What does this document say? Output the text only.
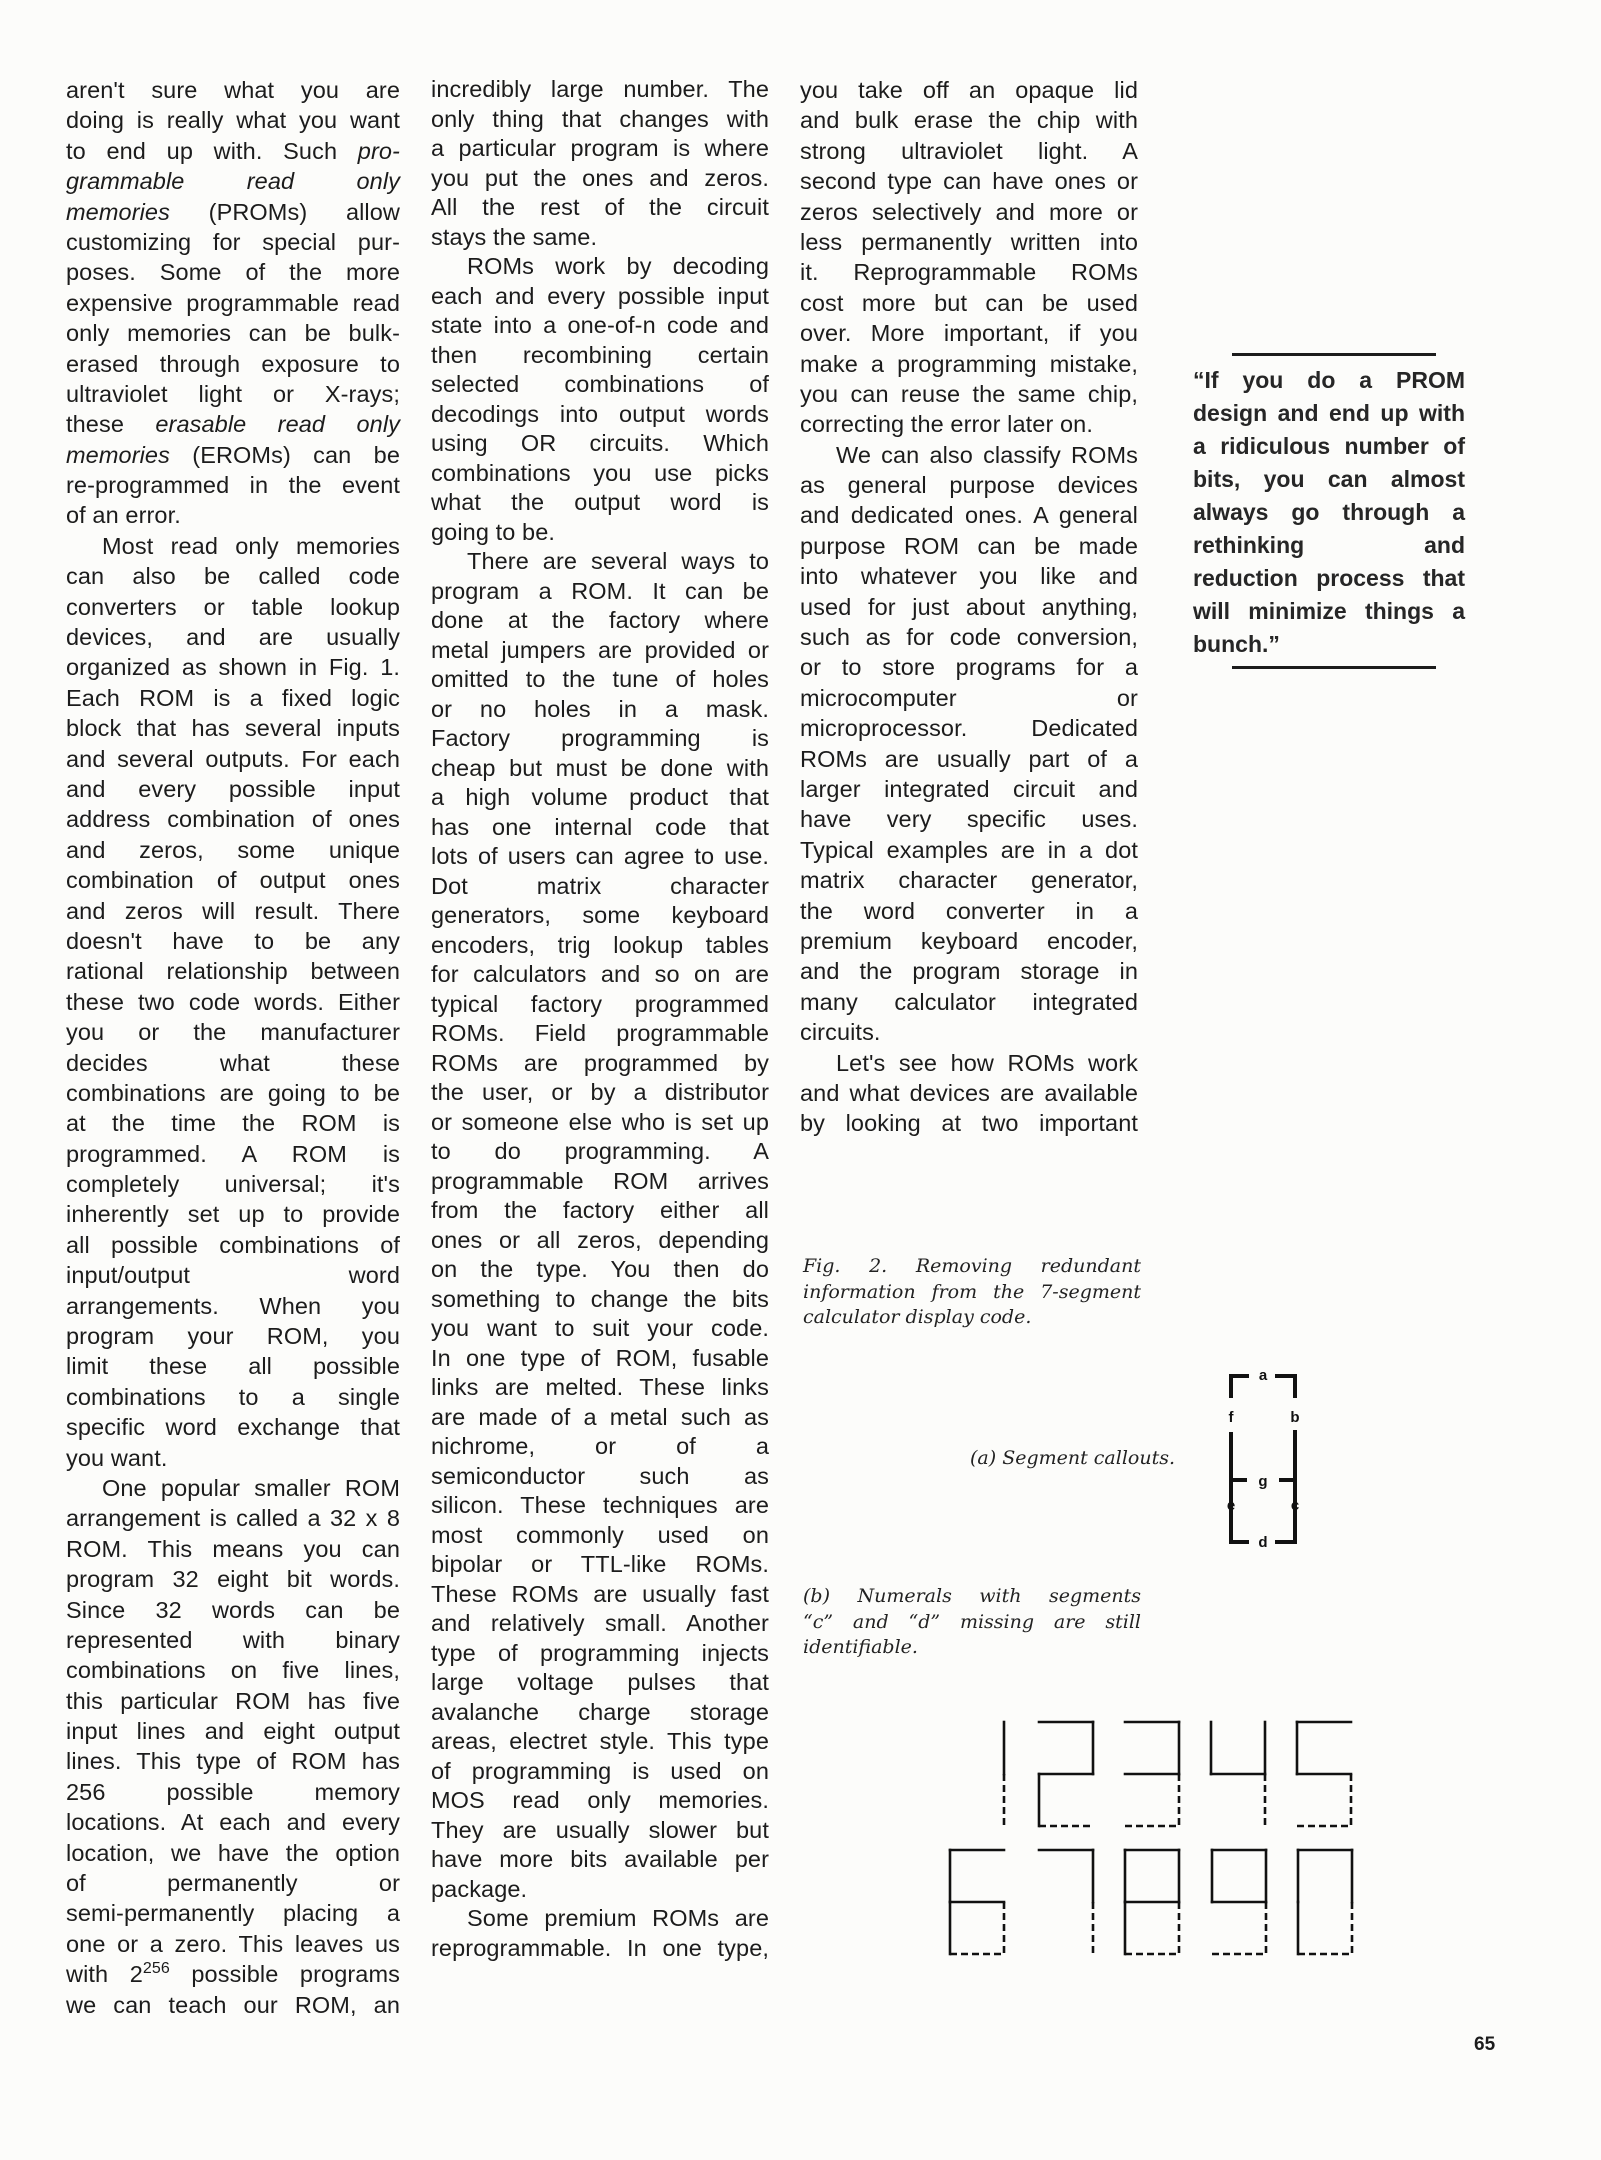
aren't sure what you are
doing is really what you want
to end up with. Such pro-
grammable read only
memories (PROMs) allow
customizing for special pur-
poses. Some of the more
expensive programmable read
only memories can be bulk-
erased through exposure to
ultraviolet light or X-rays;
these erasable read only
memories (EROMs) can be
re-programmed in the event
of an error.
Most read only memories
can also be called code
converters or table lookup
devices, and are usually
organized as shown in Fig. 1.
Each ROM is a fixed logic
block that has several inputs
and several outputs. For each
and every possible input
address combination of ones
and zeros, some unique
combination of output ones
and zeros will result. There
doesn't have to be any
rational relationship between
these two code words. Either
you or the manufacturer
decides what these
combinations are going to be
at the time the ROM is
programmed. A ROM is
completely universal; it's
inherently set up to provide
all possible combinations of
input/output word
arrangements. When you
program your ROM, you
limit these all possible
combinations to a single
specific word exchange that
you want.
One popular smaller ROM
arrangement is called a 32 x 8
ROM. This means you can
program 32 eight bit words.
Since 32 words can be
represented with binary
combinations on five lines,
this particular ROM has five
input lines and eight output
lines. This type of ROM has
256 possible memory
locations. At each and every
location, we have the option
of permanently or
semi-permanently placing a
one or a zero. This leaves us
with $2^{256}$ possible programs
we can teach our ROM, an
incredibly large number. The
only thing that changes with
a particular program is where
you put the ones and zeros.
All the rest of the circuit
stays the same.
ROMs work by decoding
each and every possible input
state into a one-of-n code and
then recombining certain
selected combinations of
decodings into output words
using OR circuits. Which
combinations you use picks
what the output word is
going to be.
There are several ways to
program a ROM. It can be
done at the factory where
metal jumpers are provided or
omitted to the tune of holes
or no holes in a mask.
Factory programming is
cheap but must be done with
a high volume product that
has one internal code that
lots of users can agree to use.
Dot matrix character
generators, some keyboard
encoders, trig lookup tables
for calculators and so on are
typical factory programmed
ROMs. Field programmable
ROMs are programmed by
the user, or by a distributor
or someone else who is set up
to do programming. A
programmable ROM arrives
from the factory either all
ones or all zeros, depending
on the type. You then do
something to change the bits
you want to suit your code.
In one type of ROM, fusable
links are melted. These links
are made of a metal such as
nichrome, or of a
semiconductor such as
silicon. These techniques are
most commonly used on
bipolar or TTL-like ROMs.
These ROMs are usually fast
and relatively small. Another
type of programming injects
large voltage pulses that
avalanche charge storage
areas, electret style. This type
of programming is used on
MOS read only memories.
They are usually slower but
have more bits available per
package.
Some premium ROMs are
reprogrammable. In one type,
you take off an opaque lid
and bulk erase the chip with
strong ultraviolet light. A
second type can have ones or
zeros selectively and more or
less permanently written into
it. Reprogrammable ROMs
cost more but can be used
over. More important, if you
make a programming mistake,
you can reuse the same chip,
correcting the error later on.
We can also classify ROMs
as general purpose devices
and dedicated ones. A general
purpose ROM can be made
into whatever you like and
used for just about anything,
such as for code conversion,
or to store programs for a
microcomputer or
microprocessor. Dedicated
ROMs are usually part of a
larger integrated circuit and
have very specific uses.
Typical examples are in a dot
matrix character generator,
the word converter in a
premium keyboard encoder,
and the program storage in
many calculator integrated
circuits.
Let's see how ROMs work
and what devices are available
by looking at two important
“If you do a PROM
design and end up with
a ridiculous number of
bits, you can almost
always go through a
rethinking and
reduction process that
will minimize things a
bunch.”
Fig. 2. Removing redundant
information from the 7-segment
calculator display code.
(a) Segment callouts.
a
f	b
g
e	c
d
(b) Numerals with segments
“c” and “d” missing are still
identifiable.
65
